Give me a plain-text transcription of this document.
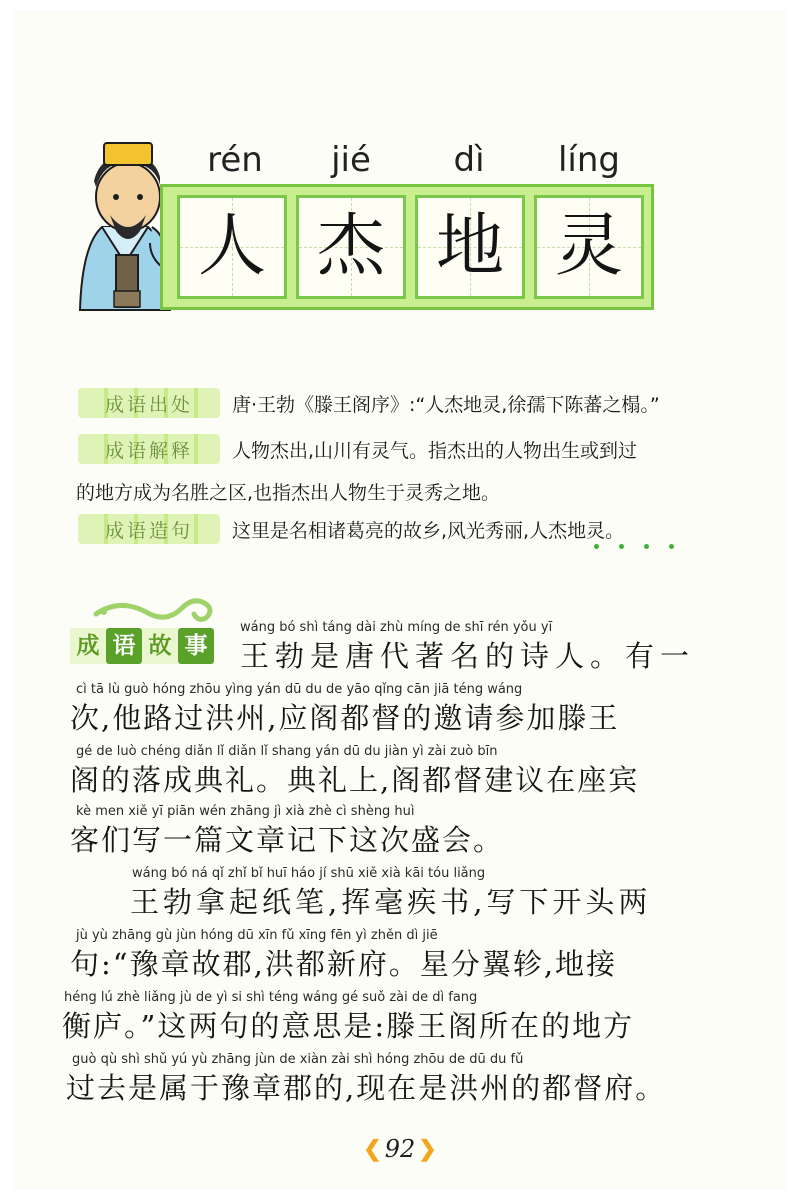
rén	jié	dì	líng
人 杰 地 灵
成语出处	唐·王勃《滕王阁序》:“人杰地灵,徐孺下陈蕃之榻。”
成语解释	人物杰出,山川有灵气。指杰出的人物出生或到过
的地方成为名胜之区,也指杰出人物生于灵秀之地。
成语造句	这里是名相诸葛亮的故乡,风光秀丽,人杰地灵。
成 语 故 事
wáng bó shì táng dài zhù míng de shī rén yǒu yī
王勃是唐代著名的诗人。有一
cì tā lù guò hóng zhōu yìng yán dū du de yāo qǐng cān jiā téng wáng
次,他路过洪州,应阁都督的邀请参加滕王
gé de luò chéng diǎn lǐ diǎn lǐ shang yán dū du jiàn yì zài zuò bīn
阁的落成典礼。典礼上,阁都督建议在座宾
kè men xiě yī piān wén zhāng jì xià zhè cì shèng huì
客们写一篇文章记下这次盛会。
wáng bó ná qǐ zhǐ bǐ huī háo jí shū xiě xià kāi tóu liǎng
王勃拿起纸笔,挥毫疾书,写下开头两
jù yù zhāng gù jùn hóng dū xīn fǔ xīng fēn yì zhěn dì jiē
句:“豫章故郡,洪都新府。星分翼轸,地接
héng lú zhè liǎng jù de yì si shì téng wáng gé suǒ zài de dì fang
衡庐。”这两句的意思是:滕王阁所在的地方
guò qù shì shǔ yú yù zhāng jùn de xiàn zài shì hóng zhōu de dū du fǔ
过去是属于豫章郡的,现在是洪州的都督府。
❮ 92 ❯
